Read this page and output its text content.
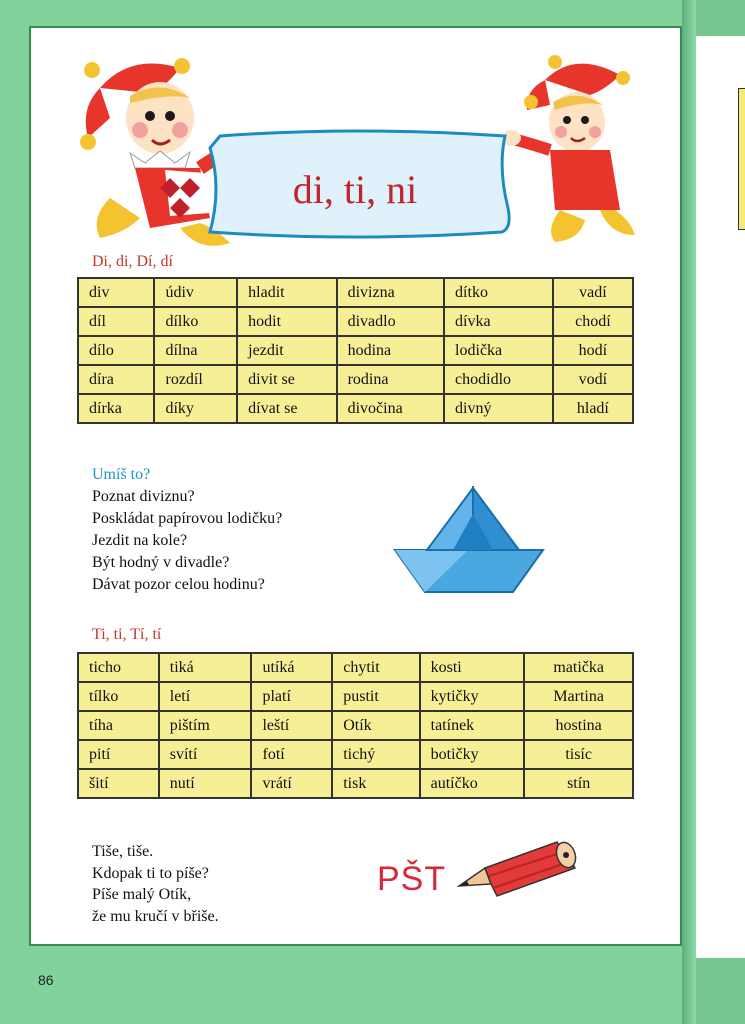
di, ti, ni
Di, di, Dí, dí
div	údiv	hladit	divizna	dítko	vadí
díl	dílko	hodit	divadlo	dívka	chodí
dílo	dílna	jezdit	hodina	lodička	hodí
díra	rozdíl	divit se	rodina	chodidlo	vodí
dírka	díky	dívat se	divočina	divný	hladí
Umíš to?
Poznat diviznu?
Poskládat papírovou lodičku?
Jezdit na kole?
Být hodný v divadle?
Dávat pozor celou hodinu?
Ti, ti, Tí, tí
ticho	tiká	utíká	chytit	kosti	matička
tílko	letí	platí	pustit	kytičky	Martina
tíha	pištím	leští	Otík	tatínek	hostina
pití	svítí	fotí	tichý	botičky	tisíc
šití	nutí	vrátí	tisk	autíčko	stín
Tiše, tiše.
Kdopak ti to píše?
Píše malý Otík,
že mu kručí v břiše.
PŠT
86
